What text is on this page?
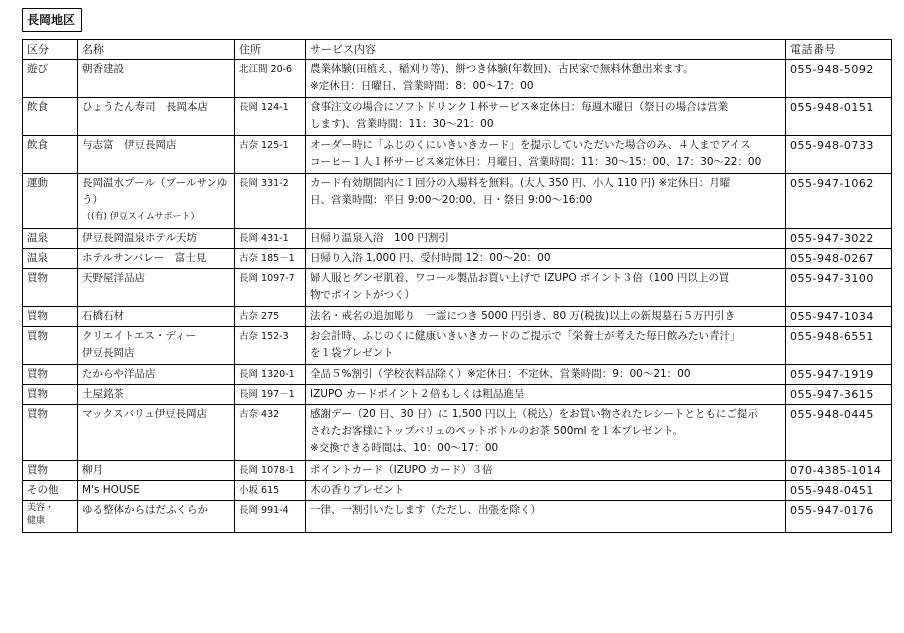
長岡地区
区分	名称	住所	サービス内容	電話番号

遊び	朝香建設	北江間 20-6	農業体験(田植え、稲刈り等)、餅つき体験(年数回)、古民家で無料休憩出来ます。
※定休日：日曜日、営業時間：8：00～17：00	055-948-5092

飲食	ひょうたん寿司　長岡本店	長岡 124-1	食事注文の場合にソフトドリンク１杯サービス※定休日：毎週木曜日（祭日の場合は営業
します)、営業時間：11：30～21：00	055-948-0151

飲食	与志富　伊豆長岡店	古奈 125-1	オーダー時に「ふじのくにいきいきカード」を提示していただいた場合のみ、４人までアイス
コーヒー１人１杯サービス※定休日：月曜日、営業時間：11：30～15：00、17：30～22：00	055-948-0733

運動	長岡温水プール（プールサンゆ
う）
（(有) 伊豆スイムサポート）	長岡 331-2	カード有効期間内に１回分の入場料を無料。(大人 350 円、小人 110 円) ※定休日：月曜
日、営業時間：平日 9:00～20:00、日・祭日 9:00～16:00	055-947-1062

温泉	伊豆長岡温泉ホテル天坊	長岡 431-1	日帰り温泉入浴　100 円割引	055-947-3022

温泉	ホテルサンバレー　富士見	古奈 185－1	日帰り入浴 1,000 円、受付時間 12：00～20：00	055-948-0267

買物	天野屋洋品店	長岡 1097-7	婦人服とグンゼ肌着、ワコール製品お買い上げで IZUPO ポイント３倍（100 円以上の買
物でポイントがつく）	055-947-3100

買物	石橋石材	古奈 275	法名・戒名の追加彫り　一霊につき 5000 円引き、80 万(税抜)以上の新規墓石５万円引き	055-947-1034

買物	クリエイトエス・ディー
伊豆長岡店	古奈 152-3	お会計時、ふじのくに健康いきいきカードのご提示で「栄養士が考えた毎日飲みたい青汁」
を１袋プレゼント	055-948-6551

買物	たからや洋品店	長岡 1320-1	全品５%割引（学校衣料品除く）※定休日：不定休、営業時間：9：00～21：00	055-947-1919

買物	土屋銘茶	長岡 197－1	IZUPO カードポイント２倍もしくは粗品進呈	055-947-3615

買物	マックスバリュ伊豆長岡店	古奈 432	感謝デー（20 日、30 日）に 1,500 円以上（税込）をお買い物されたレシートとともにご提示
されたお客様にトップバリュのペットボトルのお茶 500ml を１本プレゼント。
※交換できる時間は、10：00～17：00	055-948-0445

買物	柳月	長岡 1078-1	ポイントカード（IZUPO カード）３倍	070-4385-1014

その他	M's HOUSE	小坂 615	木の香りプレゼント	055-948-0451

美容・
健康	ゆる整体からはだふくらか	長岡 991-4	一律、一割引いたします（ただし、出張を除く）	055-947-0176
